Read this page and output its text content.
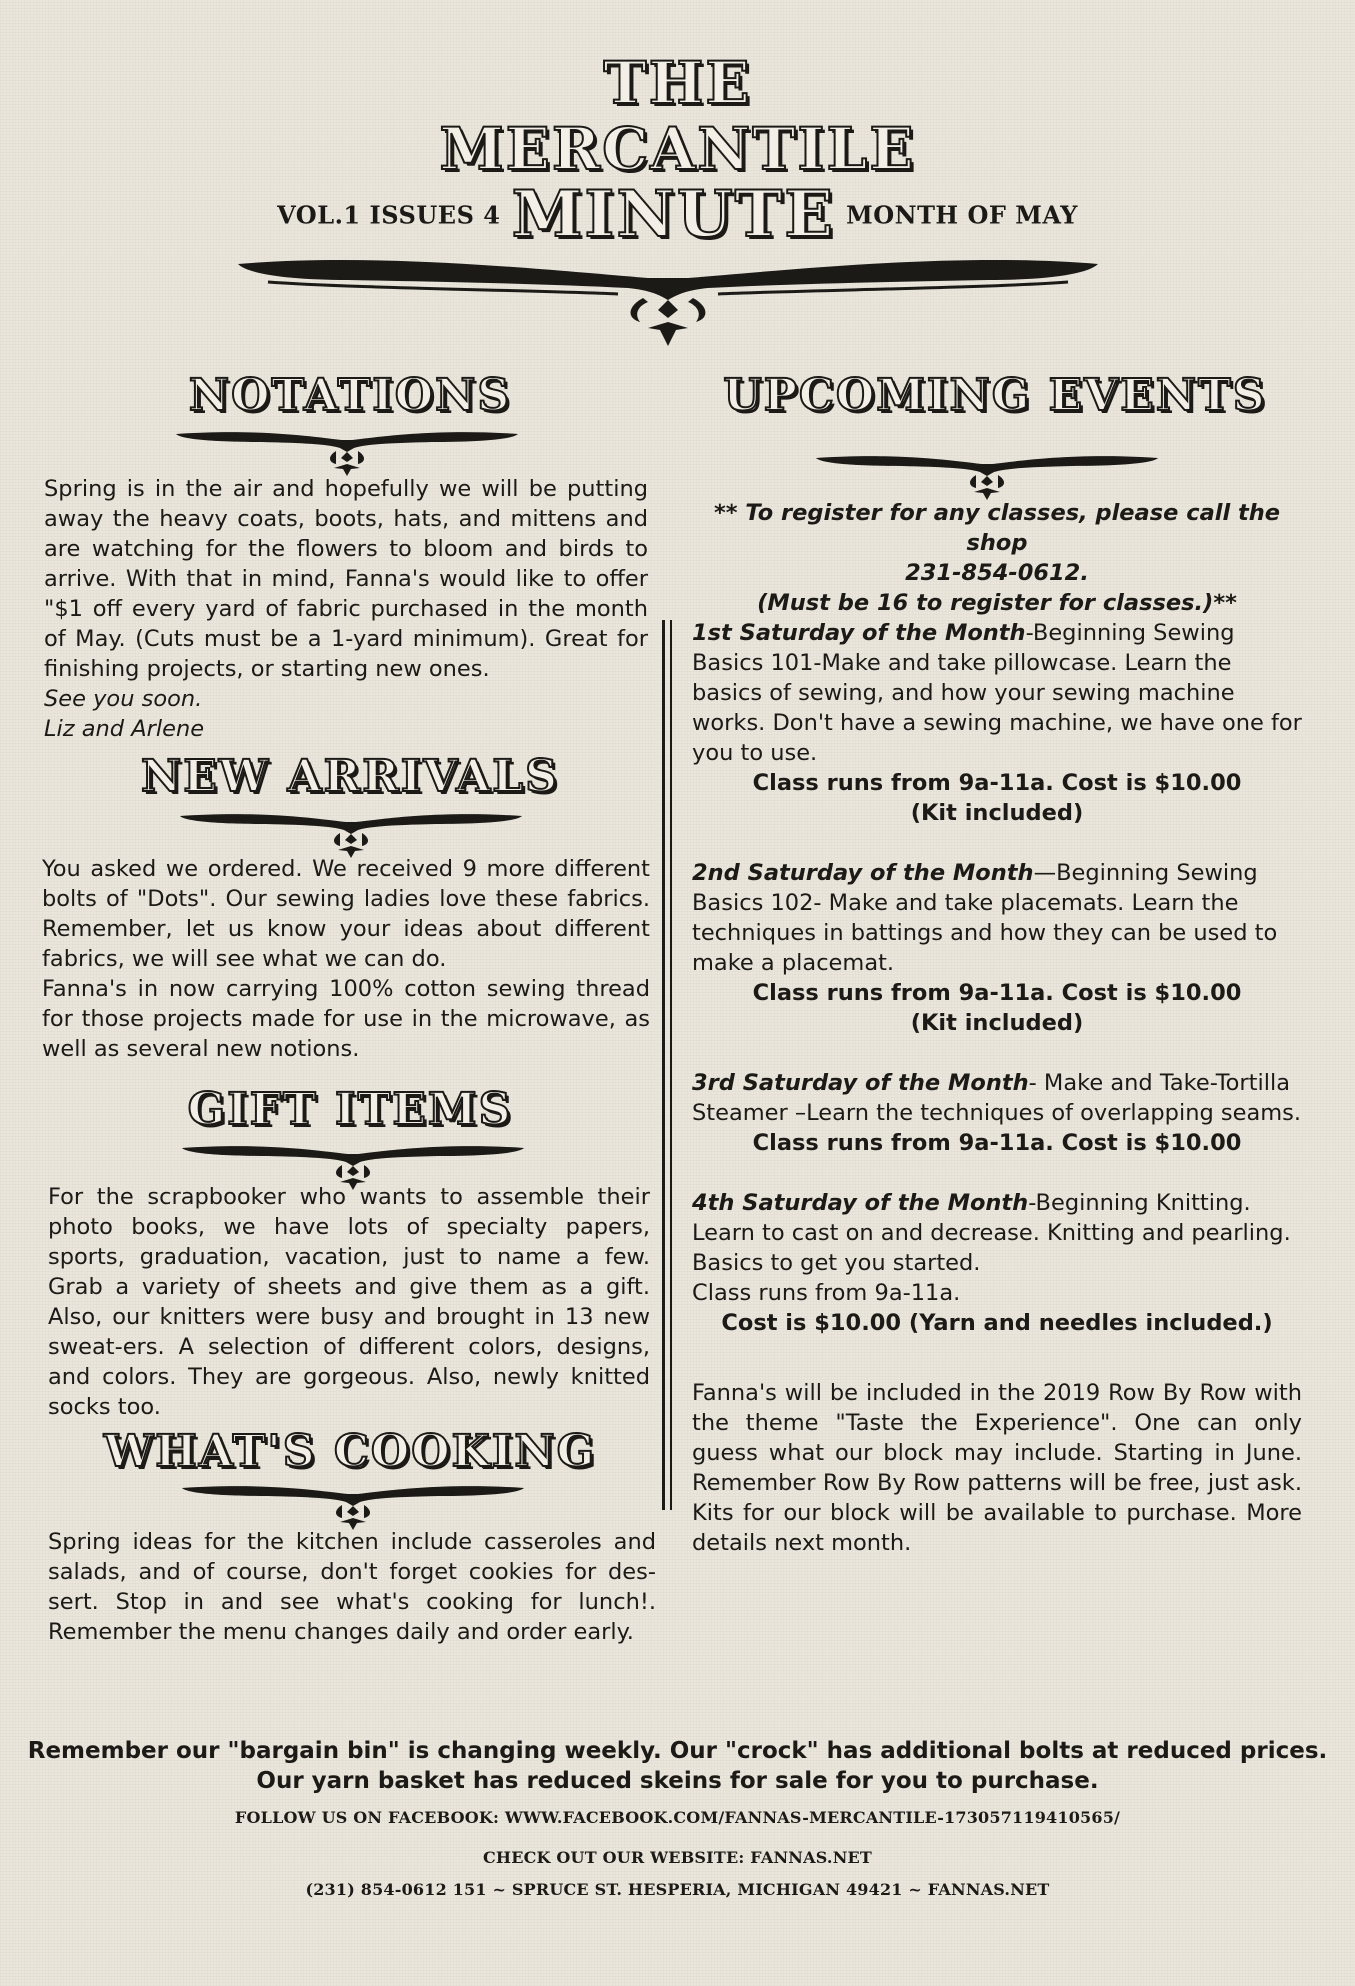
THE
MERCANTILE
VOL.1 ISSUES 4 MINUTE MONTH OF MAY
NOTATIONS

Spring is in the air and hopefully we will be putting away the heavy coats, boots, hats, and mittens and are watching for the flowers to bloom and birds to arrive. With that in mind, Fanna's would like to offer "$1 off every yard of fabric purchased in the month of May. (Cuts must be a 1-yard minimum). Great for finishing projects, or starting new ones.

See you soon.

Liz and Arlene

NEW ARRIVALS

You asked we ordered. We received 9 more different bolts of "Dots". Our sewing ladies love these fabrics. Remember, let us know your ideas about different fabrics, we will see what we can do.

Fanna's in now carrying 100% cotton sewing thread for those projects made for use in the microwave, as well as several new notions.

GIFT ITEMS

For the scrapbooker who wants to assemble their photo books, we have lots of specialty papers, sports, graduation, vacation, just to name a few. Grab a variety of sheets and give them as a gift. Also, our knitters were busy and brought in 13 new sweat-ers. A selection of different colors, designs, and colors. They are gorgeous. Also, newly knitted socks too.

WHAT'S COOKING

Spring ideas for the kitchen include casseroles and salads, and of course, don't forget cookies for des-sert. Stop in and see what's cooking for lunch!. Remember the menu changes daily and order early.

UPCOMING EVENTS

** To register for any classes, please call the shop

231-854-0612.

(Must be 16 to register for classes.)**

1st Saturday of the Month-Beginning Sewing Basics 101-Make and take pillowcase. Learn the basics of sewing, and how your sewing machine works. Don't have a sewing machine, we have one for you to use.

Class runs from 9a-11a. Cost is $10.00

(Kit included)

2nd Saturday of the Month—Beginning Sewing Basics 102- Make and take placemats. Learn the techniques in battings and how they can be used to make a placemat.

Class runs from 9a-11a. Cost is $10.00

(Kit included)

3rd Saturday of the Month- Make and Take-Tortilla Steamer –Learn the techniques of overlapping seams.

Class runs from 9a-11a. Cost is $10.00

4th Saturday of the Month-Beginning Knitting. Learn to cast on and decrease. Knitting and pearling. Basics to get you started.

Class runs from 9a-11a.

Cost is $10.00 (Yarn and needles included.)

Fanna's will be included in the 2019 Row By Row with the theme "Taste the Experience". One can only guess what our block may include. Starting in June. Remember Row By Row patterns will be free, just ask. Kits for our block will be available to purchase. More details next month.

Remember our "bargain bin" is changing weekly. Our "crock" has additional bolts at reduced prices.
Our yarn basket has reduced skeins for sale for you to purchase.
FOLLOW US ON FACEBOOK: WWW.FACEBOOK.COM/FANNAS-MERCANTILE-173057119410565/
CHECK OUT OUR WEBSITE: FANNAS.NET
(231) 854-0612 151 ~ SPRUCE ST. HESPERIA, MICHIGAN 49421 ~ FANNAS.NET
